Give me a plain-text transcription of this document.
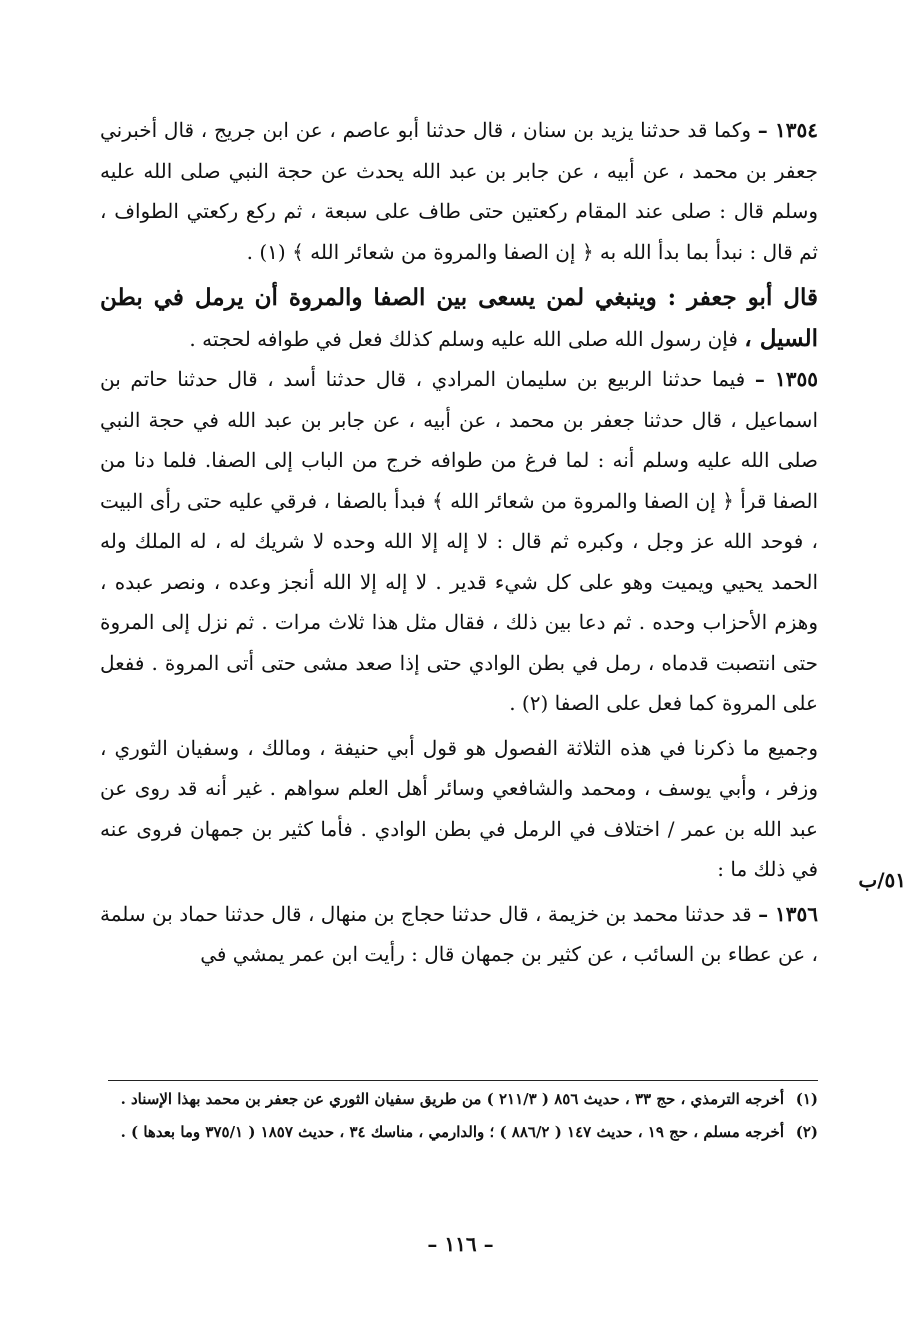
١٣٥٤ – وكما قد حدثنا يزيد بن سنان ، قال حدثنا أبو عاصم ، عن ابن جريج ، قال أخبرني جعفر بن محمد ، عن أبيه ، عن جابر بن عبد الله يحدث عن حجة النبي صلى الله عليه وسلم قال : صلى عند المقام ركعتين حتى طاف على سبعة ، ثم ركع ركعتي الطواف ، ثم قال : نبدأ بما بدأ الله به ﴿ إن الصفا والمروة من شعائر الله ﴾ (١) .

قال أبو جعفر : وينبغي لمن يسعى بين الصفا والمروة أن يرمل في بطن السيل ، فإن رسول الله صلى الله عليه وسلم كذلك فعل في طوافه لحجته .

١٣٥٥ – فيما حدثنا الربيع بن سليمان المرادي ، قال حدثنا أسد ، قال حدثنا حاتم بن اسماعيل ، قال حدثنا جعفر بن محمد ، عن أبيه ، عن جابر بن عبد الله في حجة النبي صلى الله عليه وسلم أنه : لما فرغ من طوافه خرج من الباب إلى الصفا. فلما دنا من الصفا قرأ ﴿ إن الصفا والمروة من شعائر الله ﴾ فبدأ بالصفا ، فرقي عليه حتى رأى البيت ، فوحد الله عز وجل ، وكبره ثم قال : لا إله إلا الله وحده لا شريك له ، له الملك وله الحمد يحيي ويميت وهو على كل شيء قدير . لا إله إلا الله أنجز وعده ، ونصر عبده ، وهزم الأحزاب وحده . ثم دعا بين ذلك ، فقال مثل هذا ثلاث مرات . ثم نزل إلى المروة حتى انتصبت قدماه ، رمل في بطن الوادي حتى إذا صعد مشى حتى أتى المروة . ففعل على المروة كما فعل على الصفا (٢) .

وجميع ما ذكرنا في هذه الثلاثة الفصول هو قول أبي حنيفة ، ومالك ، وسفيان الثوري ، وزفر ، وأبي يوسف ، ومحمد والشافعي وسائر أهل العلم سواهم . غير أنه قد روى عن عبد الله بن عمر / اختلاف في الرمل في بطن الوادي . فأما كثير بن جمهان فروى عنه في ذلك ما :

١٣٥٦ – قد حدثنا محمد بن خزيمة ، قال حدثنا حجاج بن منهال ، قال حدثنا حماد بن سلمة ، عن عطاء بن السائب ، عن كثير بن جمهان قال : رأيت ابن عمر يمشي في

٥١/ب
(١)
أخرجه الترمذي ، حج ٣٣ ، حديث ٨٥٦ ( ٢١١/٣ ) من طريق سفيان الثوري عن جعفر بن محمد بهذا الإسناد .
(٢)
أخرجه مسلم ، حج ١٩ ، حديث ١٤٧ ( ٨٨٦/٢ ) ؛ والدارمي ، مناسك ٣٤ ، حديث ١٨٥٧ ( ٣٧٥/١ وما بعدها ) .
– ١١٦ –
